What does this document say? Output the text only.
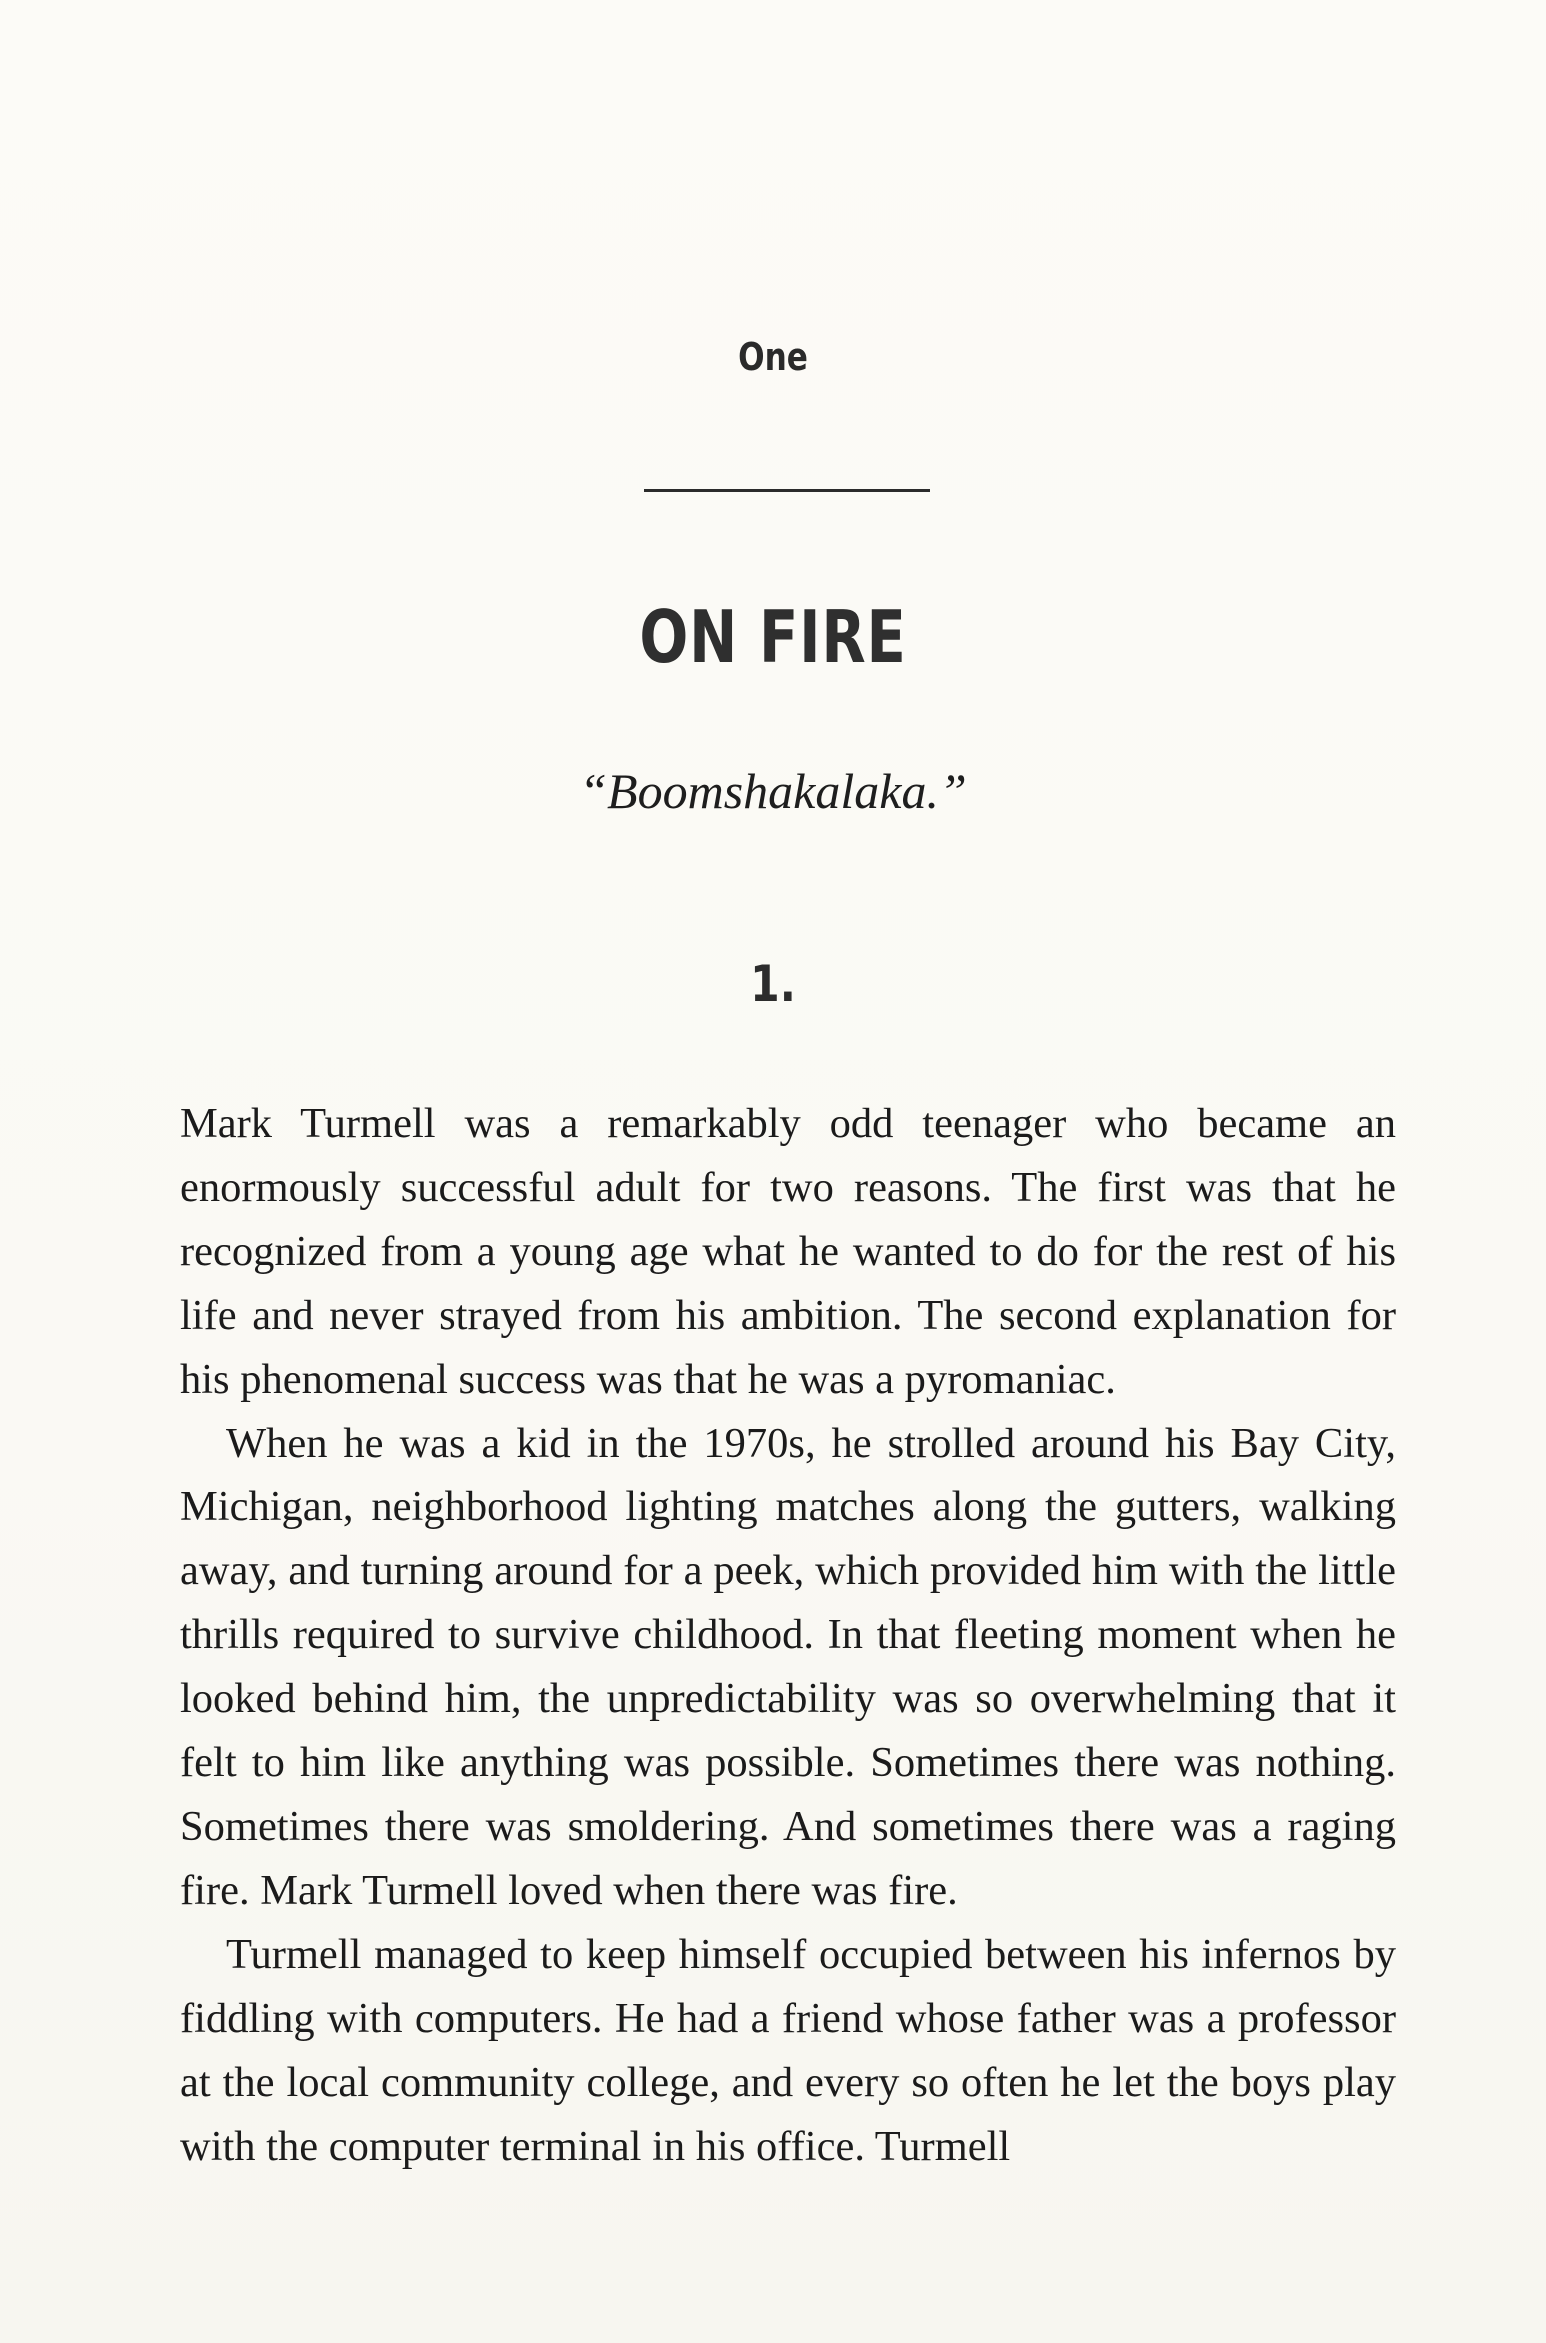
One
ON FIRE
“Boomshakalaka.”
1.

Mark Turmell was a remarkably odd teenager who became an enormously successful adult for two reasons. The first was that he recognized from a young age what he wanted to do for the rest of his life and never strayed from his ambition. The second explanation for his phenomenal success was that he was a pyromaniac.

When he was a kid in the 1970s, he strolled around his Bay City, Michigan, neighborhood lighting matches along the gutters, walking away, and turning around for a peek, which provided him with the little thrills required to survive childhood. In that fleeting moment when he looked behind him, the unpredictability was so overwhelming that it felt to him like anything was possible. Sometimes there was nothing. Sometimes there was smoldering. And sometimes there was a raging fire. Mark Turmell loved when there was fire.

Turmell managed to keep himself occupied between his infernos by fiddling with computers. He had a friend whose father was a professor at the local community college, and every so often he let the boys play with the computer terminal in his office. Turmell
